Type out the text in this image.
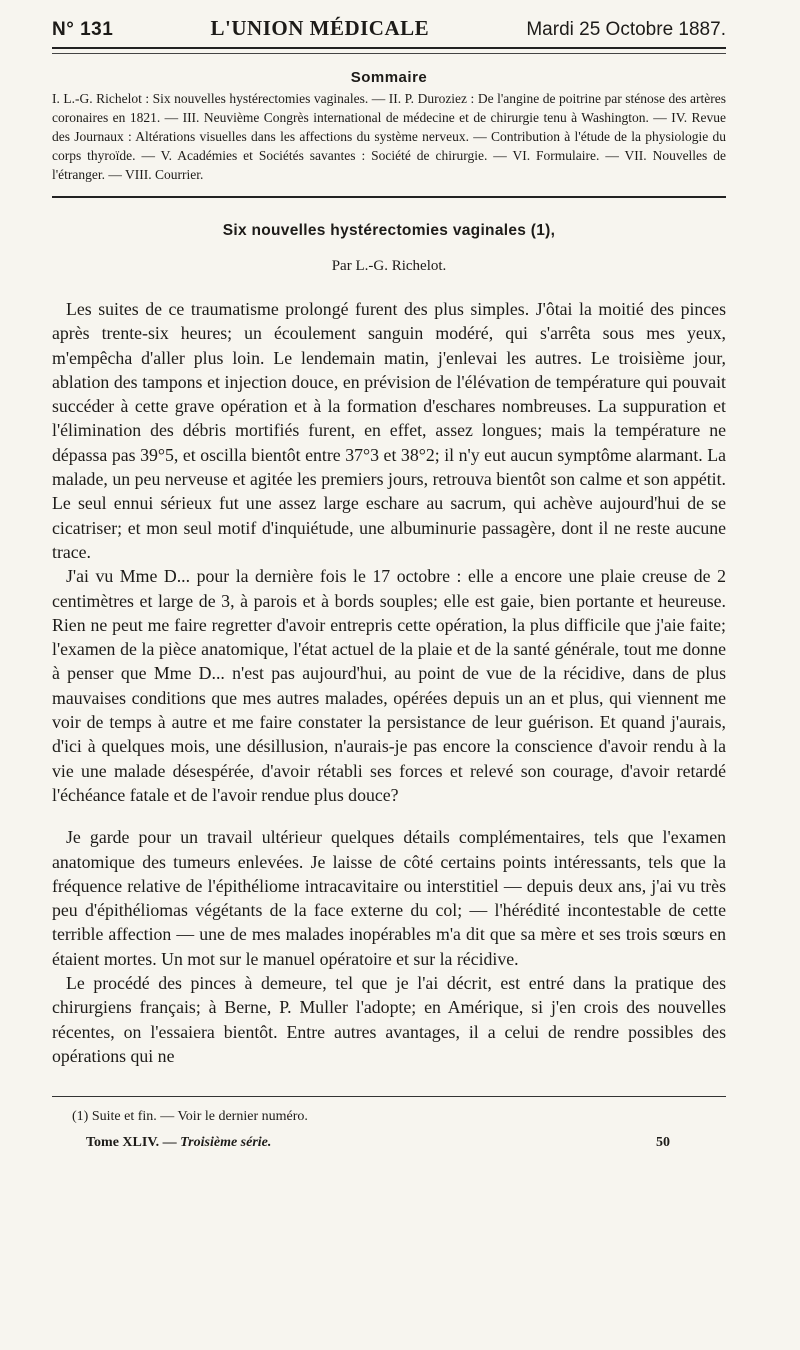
N° 131	L'UNION MÉDICALE	Mardi 25 Octobre 1887.
Sommaire
I. L.-G. Richelot : Six nouvelles hystérectomies vaginales. — II. P. Duroziez : De l'angine de poitrine par sténose des artères coronaires en 1821. — III. Neuvième Congrès international de médecine et de chirurgie tenu à Washington. — IV. Revue des Journaux : Altérations visuelles dans les affections du système nerveux. — Contribution à l'étude de la physiologie du corps thyroïde. — V. Académies et Sociétés savantes : Société de chirurgie. — VI. Formulaire. — VII. Nouvelles de l'étranger. — VIII. Courrier.
Six nouvelles hystérectomies vaginales (1),
Par L.-G. Richelot.

Les suites de ce traumatisme prolongé furent des plus simples. J'ôtai la moitié des pinces après trente-six heures; un écoulement sanguin modéré, qui s'arrêta sous mes yeux, m'empêcha d'aller plus loin. Le lendemain matin, j'enlevai les autres. Le troisième jour, ablation des tampons et injection douce, en prévision de l'élévation de température qui pouvait succéder à cette grave opération et à la formation d'eschares nombreuses. La suppuration et l'élimination des débris mortifiés furent, en effet, assez longues; mais la température ne dépassa pas 39°5, et oscilla bientôt entre 37°3 et 38°2; il n'y eut aucun symptôme alarmant. La malade, un peu nerveuse et agitée les premiers jours, retrouva bientôt son calme et son appétit. Le seul ennui sérieux fut une assez large eschare au sacrum, qui achève aujourd'hui de se cicatriser; et mon seul motif d'inquiétude, une albuminurie passagère, dont il ne reste aucune trace.

J'ai vu Mme D... pour la dernière fois le 17 octobre : elle a encore une plaie creuse de 2 centimètres et large de 3, à parois et à bords souples; elle est gaie, bien portante et heureuse. Rien ne peut me faire regretter d'avoir entrepris cette opération, la plus difficile que j'aie faite; l'examen de la pièce anatomique, l'état actuel de la plaie et de la santé générale, tout me donne à penser que Mme D... n'est pas aujourd'hui, au point de vue de la récidive, dans de plus mauvaises conditions que mes autres malades, opérées depuis un an et plus, qui viennent me voir de temps à autre et me faire constater la persistance de leur guérison. Et quand j'aurais, d'ici à quelques mois, une désillusion, n'aurais-je pas encore la conscience d'avoir rendu à la vie une malade désespérée, d'avoir rétabli ses forces et relevé son courage, d'avoir retardé l'échéance fatale et de l'avoir rendue plus douce?

Je garde pour un travail ultérieur quelques détails complémentaires, tels que l'examen anatomique des tumeurs enlevées. Je laisse de côté certains points intéressants, tels que la fréquence relative de l'épithéliome intracavitaire ou interstitiel — depuis deux ans, j'ai vu très peu d'épithéliomas végétants de la face externe du col; — l'hérédité incontestable de cette terrible affection — une de mes malades inopérables m'a dit que sa mère et ses trois sœurs en étaient mortes. Un mot sur le manuel opératoire et sur la récidive.

Le procédé des pinces à demeure, tel que je l'ai décrit, est entré dans la pratique des chirurgiens français; à Berne, P. Muller l'adopte; en Amérique, si j'en crois des nouvelles récentes, on l'essaiera bientôt. Entre autres avantages, il a celui de rendre possibles des opérations qui ne

(1) Suite et fin. — Voir le dernier numéro.
Tome XLIV. — Troisième série.	50
